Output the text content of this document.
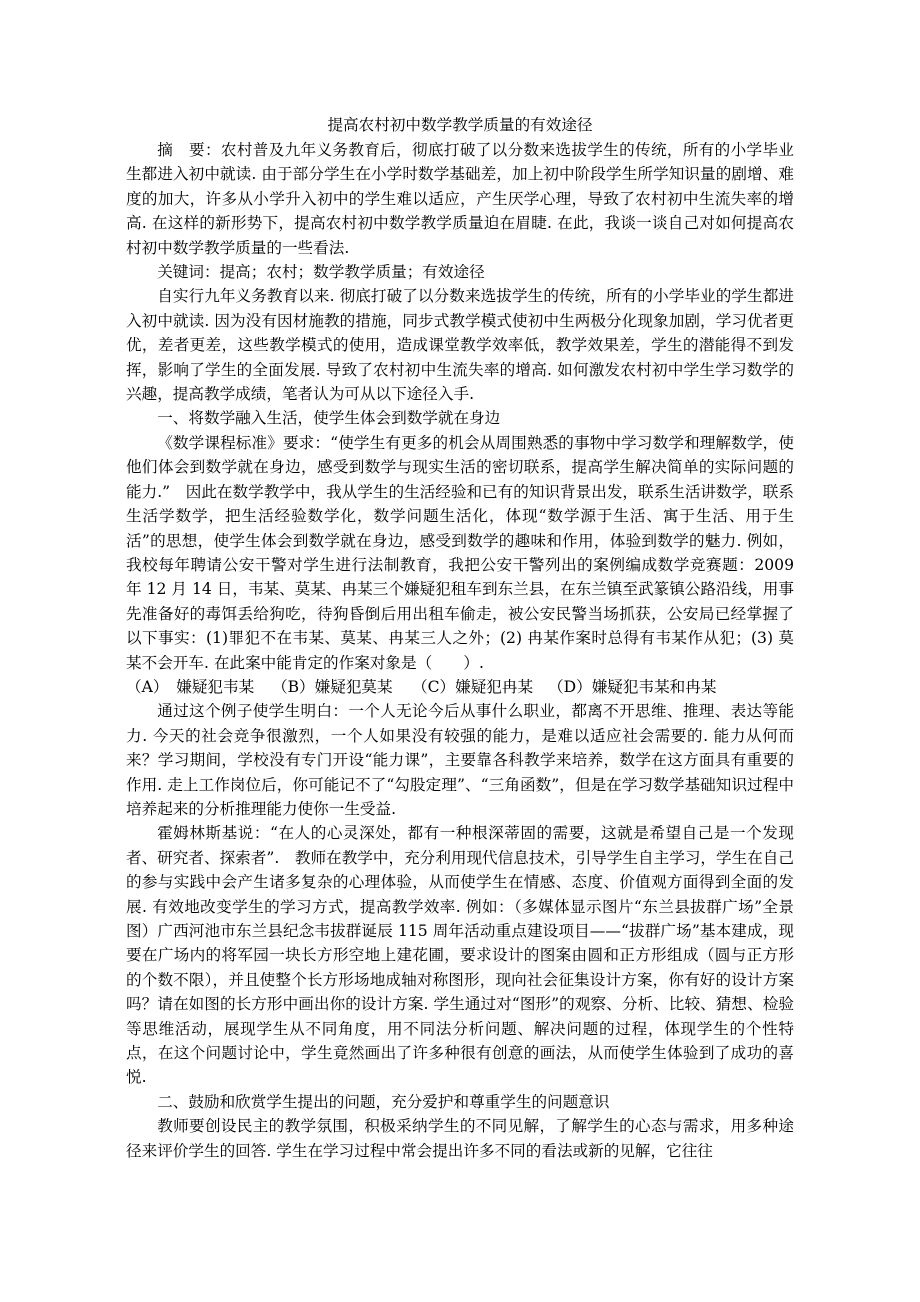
提高农村初中数学教学质量的有效途径

摘　要：农村普及九年义务教育后，彻底打破了以分数来选拔学生的传统，所有的小学毕业生都进入初中就读. 由于部分学生在小学时数学基础差，加上初中阶段学生所学知识量的剧增、难度的加大，许多从小学升入初中的学生难以适应，产生厌学心理，导致了农村初中生流失率的增高. 在这样的新形势下，提高农村初中数学教学质量迫在眉睫. 在此，我谈一谈自己对如何提高农村初中数学教学质量的一些看法.

关键词：提高；农村；数学教学质量；有效途径

自实行九年义务教育以来. 彻底打破了以分数来选拔学生的传统，所有的小学毕业的学生都进入初中就读. 因为没有因材施教的措施，同步式教学模式使初中生两极分化现象加剧，学习优者更优，差者更差，这些教学模式的使用，造成课堂教学效率低，教学效果差，学生的潜能得不到发挥，影响了学生的全面发展. 导致了农村初中生流失率的增高. 如何激发农村初中学生学习数学的兴趣，提高教学成绩，笔者认为可从以下途径入手.

一、将数学融入生活，使学生体会到数学就在身边

《数学课程标准》要求：“使学生有更多的机会从周围熟悉的事物中学习数学和理解数学，使他们体会到数学就在身边，感受到数学与现实生活的密切联系，提高学生解决简单的实际问题的能力.”　因此在数学教学中，我从学生的生活经验和已有的知识背景出发，联系生活讲数学，联系生活学数学，把生活经验数学化，数学问题生活化，体现“数学源于生活、寓于生活、用于生活”的思想，使学生体会到数学就在身边，感受到数学的趣味和作用，体验到数学的魅力. 例如，我校每年聘请公安干警对学生进行法制教育，我把公安干警列出的案例编成数学竞赛题：2009 年 12 月 14 日，韦某、莫某、冉某三个嫌疑犯租车到东兰县，在东兰镇至武篆镇公路沿线，用事先准备好的毒饵丢给狗吃，待狗昏倒后用出租车偷走，被公安民警当场抓获，公安局已经掌握了以下事实：(1)罪犯不在韦某、莫某、冉某三人之外；(2) 冉某作案时总得有韦某作从犯；(3) 莫某不会开车. 在此案中能肯定的作案对象是（　　）.

（A）　嫌疑犯韦某	（B）嫌疑犯莫某	（C）嫌疑犯冉某 （D）嫌疑犯韦某和冉某

通过这个例子使学生明白：一个人无论今后从事什么职业，都离不开思维、推理、表达等能力. 今天的社会竞争很激烈，一个人如果没有较强的能力，是难以适应社会需要的. 能力从何而来？学习期间，学校没有专门开设“能力课”，主要靠各科教学来培养，数学在这方面具有重要的作用. 走上工作岗位后，你可能记不了“勾股定理”、“三角函数”，但是在学习数学基础知识过程中培养起来的分析推理能力使你一生受益.

霍姆林斯基说：“在人的心灵深处，都有一种根深蒂固的需要，这就是希望自己是一个发现者、研究者、探索者”.　教师在教学中，充分利用现代信息技术，引导学生自主学习，学生在自己的参与实践中会产生诸多复杂的心理体验，从而使学生在情感、态度、价值观方面得到全面的发展. 有效地改变学生的学习方式，提高教学效率. 例如：（多媒体显示图片“东兰县拔群广场”全景图）广西河池市东兰县纪念韦拔群诞辰 115 周年活动重点建设项目——“拔群广场”基本建成，现要在广场内的将军园一块长方形空地上建花圃，要求设计的图案由圆和正方形组成（圆与正方形的个数不限），并且使整个长方形场地成轴对称图形，现向社会征集设计方案，你有好的设计方案吗？请在如图的长方形中画出你的设计方案. 学生通过对“图形”的观察、分析、比较、猜想、检验等思维活动，展现学生从不同角度，用不同法分析问题、解决问题的过程，体现学生的个性特点，在这个问题讨论中，学生竟然画出了许多种很有创意的画法，从而使学生体验到了成功的喜悦.

二、鼓励和欣赏学生提出的问题，充分爱护和尊重学生的问题意识

教师要创设民主的教学氛围，积极采纳学生的不同见解，了解学生的心态与需求，用多种途径来评价学生的回答. 学生在学习过程中常会提出许多不同的看法或新的见解，它往往
